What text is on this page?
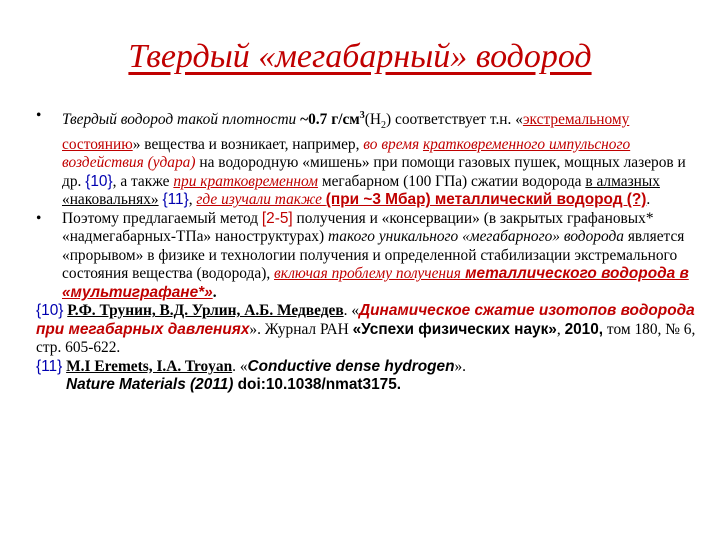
Твердый «мегабарный» водород
• Твердый водород такой плотности ~0.7 $г/см^3(Н_2)$ соответствует т.н. «экстремальному состоянию» вещества и возникает, например, во время кратковременного импульсного воздействия (удара) на водородную «мишень» при помощи газовых пушек, мощных лазеров и др. {10}, а также при кратковременном мегабарном (100 ГПа) сжатии водорода в алмазных «наковальнях» {11}, где изучали также (при ~3 Мбар) металлический водород (?).
• Поэтому предлагаемый метод [2-5] получения и «консервации» (в закрытых графановых* «надмегабарных-ТПа» наноструктурах) такого уникального «мегабарного» водорода является «прорывом» в физике и технологии получения и определенной стабилизации экстремального состояния вещества (водорода), включая проблему получения металлического водорода в «мультиграфане*».
{10} Р.Ф. Трунин, В.Д. Урлин, А.Б. Медведев. «Динамическое сжатие изотопов водорода при мегабарных давлениях». Журнал РАН «Успехи физических наук», 2010, том 180, № 6, стр. 605-622.
{11} M.I Eremets, I.A. Troyan. «Conductive dense hydrogen».
Nature Materials (2011) doi:10.1038/nmat3175.
